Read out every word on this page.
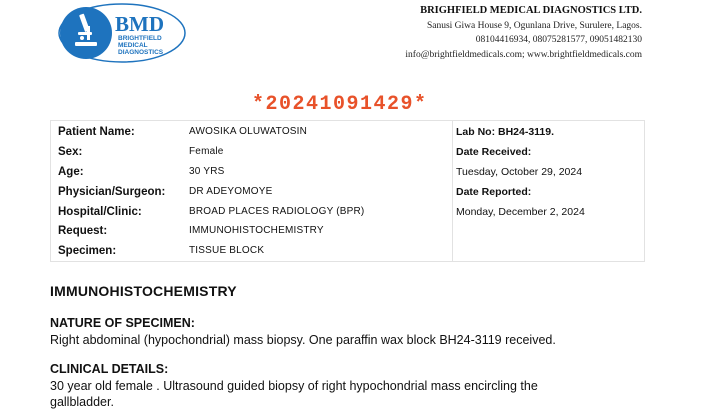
BMD
BRIGHTFIELD
MEDICAL
DIAGNOSTICS
BRIGHFIELD MEDICAL DIAGNOSTICS LTD.
Sanusi Giwa House 9, Ogunlana Drive, Surulere, Lagos.
08104416934, 08075281577, 09051482130
info@brightfieldmedicals.com; www.brightfieldmedicals.com
*20241091429*
Patient Name:	AWOSIKA OLUWATOSIN
Sex:	Female
Age:	30 YRS
Physician/Surgeon:	DR ADEYOMOYE
Hospital/Clinic:	BROAD PLACES RADIOLOGY (BPR)
Request:	IMMUNOHISTOCHEMISTRY
Specimen:	TISSUE BLOCK
Lab No: BH24-3119.
Date Received:
Tuesday, October 29, 2024
Date Reported:
Monday, December 2, 2024
IMMUNOHISTOCHEMISTRY
NATURE OF SPECIMEN:
Right abdominal (hypochondrial) mass biopsy. One paraffin wax block BH24-3119 received.
CLINICAL DETAILS:
30 year old female . Ultrasound guided biopsy of right hypochondrial mass encircling the
gallbladder.
